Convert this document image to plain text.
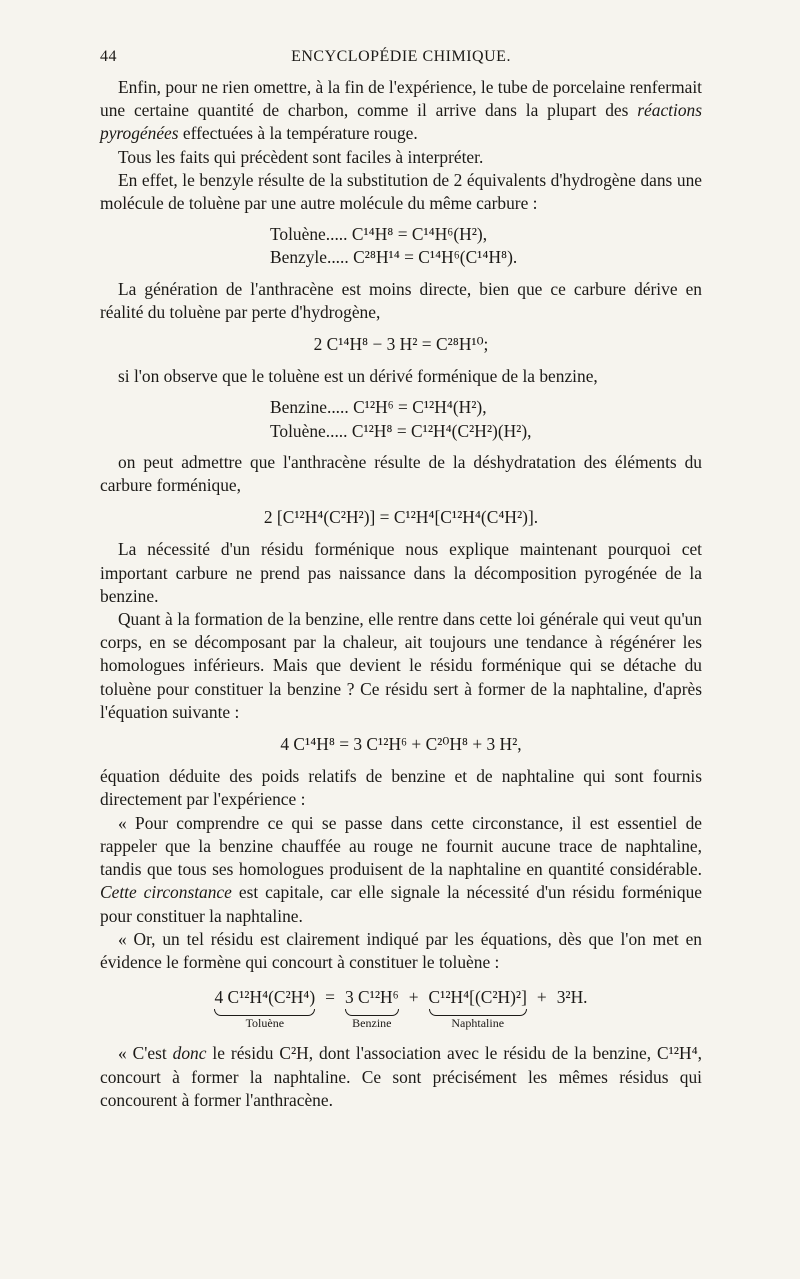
44	ENCYCLOPÉDIE CHIMIQUE.

Enfin, pour ne rien omettre, à la fin de l'expérience, le tube de porcelaine renfermait une certaine quantité de charbon, comme il arrive dans la plupart des réactions pyrogénées effectuées à la température rouge.

Tous les faits qui précèdent sont faciles à interpréter.

En effet, le benzyle résulte de la substitution de 2 équivalents d'hydrogène dans une molécule de toluène par une autre molécule du même carbure :

Toluène..... C¹⁴H⁸ = C¹⁴H⁶(H²),
Benzyle..... C²⁸H¹⁴ = C¹⁴H⁶(C¹⁴H⁸).

La génération de l'anthracène est moins directe, bien que ce carbure dérive en réalité du toluène par perte d'hydrogène,

2 C¹⁴H⁸ − 3 H² = C²⁸H¹⁰;

si l'on observe que le toluène est un dérivé forménique de la benzine,

Benzine..... C¹²H⁶ = C¹²H⁴(H²),
Toluène..... C¹²H⁸ = C¹²H⁴(C²H²)(H²),

on peut admettre que l'anthracène résulte de la déshydratation des éléments du carbure forménique,

2 [C¹²H⁴(C²H²)] = C¹²H⁴[C¹²H⁴(C⁴H²)].

La nécessité d'un résidu forménique nous explique maintenant pourquoi cet important carbure ne prend pas naissance dans la décomposition pyrogénée de la benzine.

Quant à la formation de la benzine, elle rentre dans cette loi générale qui veut qu'un corps, en se décomposant par la chaleur, ait toujours une tendance à régénérer les homologues inférieurs. Mais que devient le résidu forménique qui se détache du toluène pour constituer la benzine ? Ce résidu sert à former de la naphtaline, d'après l'équation suivante :

4 C¹⁴H⁸ = 3 C¹²H⁶ + C²⁰H⁸ + 3 H²,

équation déduite des poids relatifs de benzine et de naphtaline qui sont fournis directement par l'expérience :

« Pour comprendre ce qui se passe dans cette circonstance, il est essentiel de rappeler que la benzine chauffée au rouge ne fournit aucune trace de naphtaline, tandis que tous ses homologues produisent de la naphtaline en quantité considérable. Cette circonstance est capitale, car elle signale la nécessité d'un résidu forménique pour constituer la naphtaline.

« Or, un tel résidu est clairement indiqué par les équations, dès que l'on met en évidence le formène qui concourt à constituer le toluène :

4 C¹²H⁴(C²H⁴)
Toluène
= 3 C¹²H⁶
Benzine
+ C¹²H⁴[(C²H)²]
Naphtaline
+ 3²H.

« C'est donc le résidu C²H, dont l'association avec le résidu de la benzine, C¹²H⁴, concourt à former la naphtaline. Ce sont précisément les mêmes résidus qui concourent à former l'anthracène.
